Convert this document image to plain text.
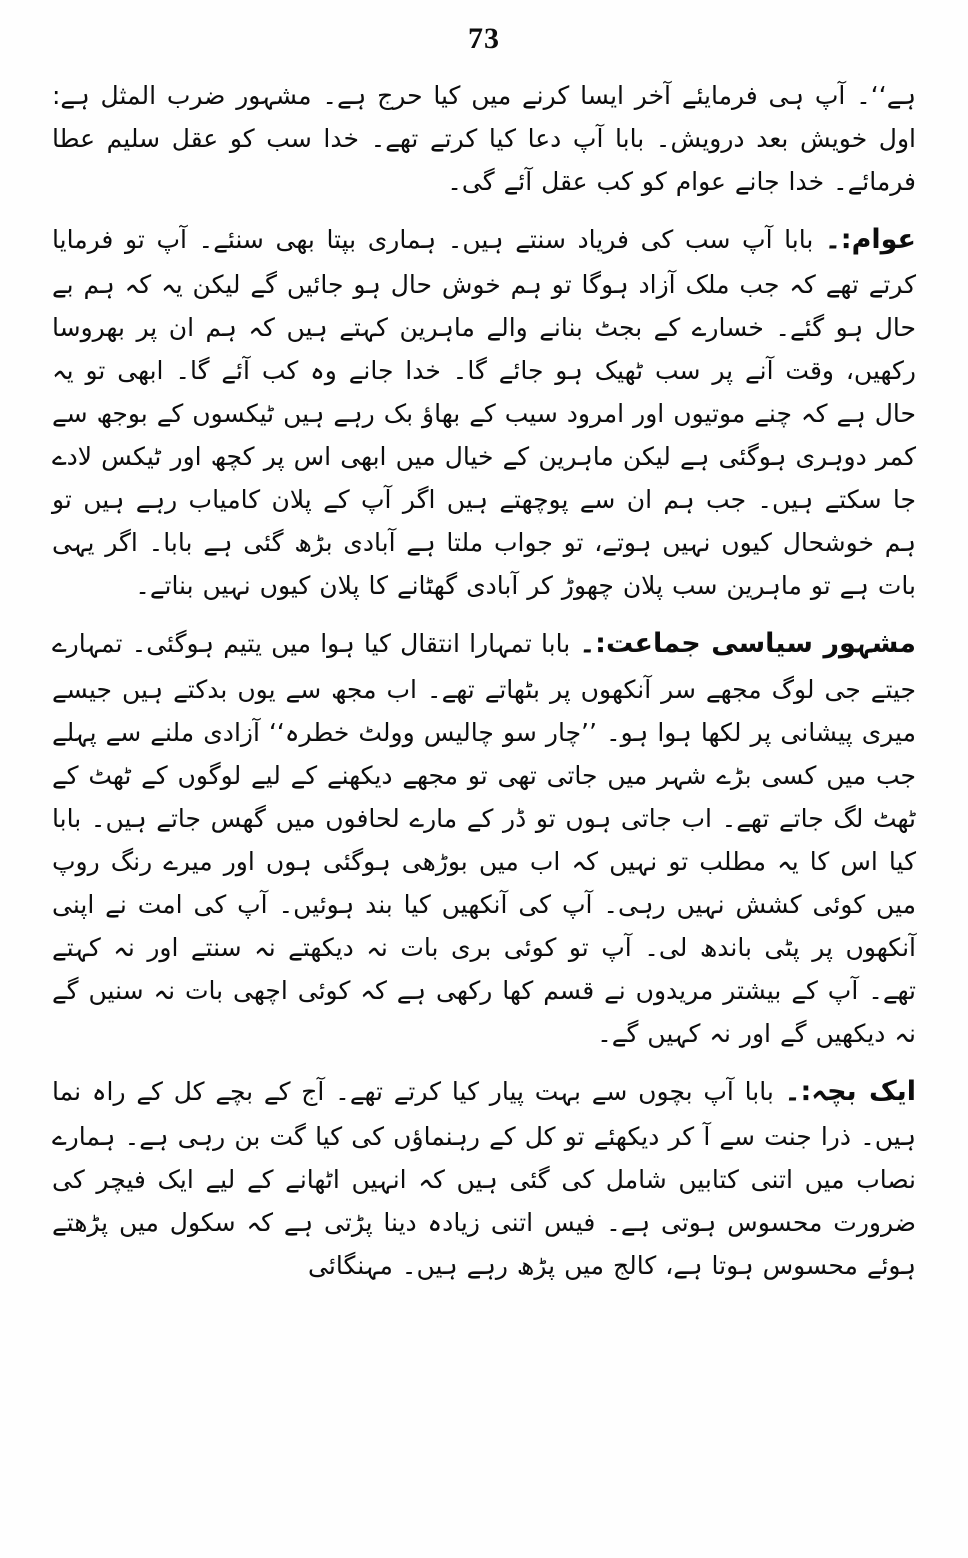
73

ہے‘‘۔ آپ ہی فرمایئے آخر ایسا کرنے میں کیا حرج ہے۔ مشہور ضرب المثل ہے: اول خویش بعد درویش۔ بابا آپ دعا کیا کرتے تھے۔ خدا سب کو عقل سلیم عطا فرمائے۔ خدا جانے عوام کو کب عقل آئے گی۔

عوام:۔ بابا آپ سب کی فریاد سنتے ہیں۔ ہماری بپتا بھی سنئے۔ آپ تو فرمایا کرتے تھے کہ جب ملک آزاد ہوگا تو ہم خوش حال ہو جائیں گے لیکن یہ کہ ہم بے حال ہو گئے۔ خسارے کے بجٹ بنانے والے ماہرین کہتے ہیں کہ ہم ان پر بھروسا رکھیں، وقت آنے پر سب ٹھیک ہو جائے گا۔ خدا جانے وہ کب آئے گا۔ ابھی تو یہ حال ہے کہ چنے موتیوں اور امرود سیب کے بھاؤ بک رہے ہیں ٹیکسوں کے بوجھ سے کمر دوہری ہوگئی ہے لیکن ماہرین کے خیال میں ابھی اس پر کچھ اور ٹیکس لادے جا سکتے ہیں۔ جب ہم ان سے پوچھتے ہیں اگر آپ کے پلان کامیاب رہے ہیں تو ہم خوشحال کیوں نہیں ہوتے، تو جواب ملتا ہے آبادی بڑھ گئی ہے بابا۔ اگر یہی بات ہے تو ماہرین سب پلان چھوڑ کر آبادی گھٹانے کا پلان کیوں نہیں بناتے۔

مشہور سیاسی جماعت:۔ بابا تمہارا انتقال کیا ہوا میں یتیم ہوگئی۔ تمہارے جیتے جی لوگ مجھے سر آنکھوں پر بٹھاتے تھے۔ اب مجھ سے یوں بدکتے ہیں جیسے میری پیشانی پر لکھا ہوا ہو۔ ’’چار سو چالیس وولٹ خطرہ‘‘ آزادی ملنے سے پہلے جب میں کسی بڑے شہر میں جاتی تھی تو مجھے دیکھنے کے لیے لوگوں کے ٹھٹ کے ٹھٹ لگ جاتے تھے۔ اب جاتی ہوں تو ڈر کے مارے لحافوں میں گھس جاتے ہیں۔ بابا کیا اس کا یہ مطلب تو نہیں کہ اب میں بوڑھی ہوگئی ہوں اور میرے رنگ روپ میں کوئی کشش نہیں رہی۔ آپ کی آنکھیں کیا بند ہوئیں۔ آپ کی امت نے اپنی آنکھوں پر پٹی باندھ لی۔ آپ تو کوئی بری بات نہ دیکھتے نہ سنتے اور نہ کہتے تھے۔ آپ کے بیشتر مریدوں نے قسم کھا رکھی ہے کہ کوئی اچھی بات نہ سنیں گے نہ دیکھیں گے اور نہ کہیں گے۔

ایک بچہ:۔ بابا آپ بچوں سے بہت پیار کیا کرتے تھے۔ آج کے بچے کل کے راہ نما ہیں۔ ذرا جنت سے آ کر دیکھئے تو کل کے رہنماؤں کی کیا گت بن رہی ہے۔ ہمارے نصاب میں اتنی کتابیں شامل کی گئی ہیں کہ انہیں اٹھانے کے لیے ایک فیچر کی ضرورت محسوس ہوتی ہے۔ فیس اتنی زیادہ دینا پڑتی ہے کہ سکول میں پڑھتے ہوئے محسوس ہوتا ہے، کالج میں پڑھ رہے ہیں۔ مہنگائی
